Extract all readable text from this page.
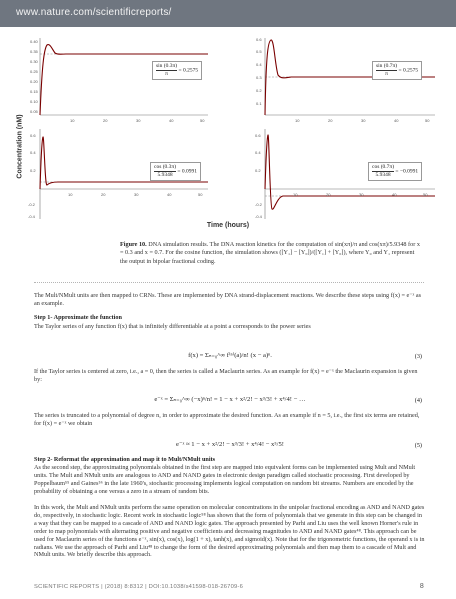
www.nature.com/scientificreports/
Concentration (nM)
0.40
0.35
0.30
0.25
0.20
0.15
0.10
0.05
10	20	30	40	50
$\frac{\sin (0.3\pi)}{\pi} = 0.2575$
0.6
0.5
0.4
0.3
0.2
0.1
10	20	30	40	50
$\frac{\sin (0.7\pi)}{\pi} = 0.2575$
0.6
0.4
0.2
-0.2
-0.4
10	20	30	40	50
$\frac{\cos (0.3\pi)}{5.9348} = 0.0991$
0.6
0.4
0.2
-0.2
-0.4
10	20	30	40	50
$\frac{\cos (0.7\pi)}{5.9348} = -0.0991$
Time (hours)
Figure 10. DNA simulation results. The DNA reaction kinetics for the computation of sin(xπ)/π and cos(xπ)/5.9348 for x = 0.3 and x = 0.7. For the cosine function, the simulation shows ([Y₁] − [Y₀])/([Y₁] + [Y₀]), where Y₀ and Y₁ represent the output in bipolar fractional coding.
The Mult/NMult units are then mapped to CRNs. These are implemented by DNA strand-displacement reactions. We describe these steps using f(x) = e⁻ˣ as an example.
Step 1- Approximate the function
The Taylor series of any function f(x) that is infinitely differentiable at a point a corresponds to the power series
f(x) = Σₙ₌₀^∞ f⁽ⁿ⁾(a)/n! (x − a)ⁿ.	(3)
If the Taylor series is centered at zero, i.e., a = 0, then the series is called a Maclaurin series. As an example for f(x) = e⁻ˣ the Maclaurin expansion is given by:
e⁻ˣ = Σₙ₌₀^∞ (−x)ⁿ/n! = 1 − x + x²/2! − x³/3! + x⁴/4! − …	(4)
The series is truncated to a polynomial of degree n, in order to approximate the desired function. As an example if n = 5, i.e., the first six terms are retained, for f(x) = e⁻ˣ we obtain
e⁻ˣ ≈ 1 − x + x²/2! − x³/3! + x⁴/4! − x⁵/5!	(5)
Step 2- Reformat the approximation and map it to Mult/NMult units
As the second step, the approximating polynomials obtained in the first step are mapped into equivalent forms can be implemented using Mult and NMult units. The Mult and NMult units are analogous to AND and NAND gates in electronic design paradigm called stochastic processing. First developed by Poppelbaum⁵⁵ and Gaines⁵⁶ in the late 1960's, stochastic processing implements logical computation on random bit streams. Numbers are encoded by the probability of obtaining a one versus a zero in a stream of random bits.
In this work, the Mult and NMult units perform the same operation on molecular concentrations in the unipolar fractional encoding as AND and NAND gates do, respectively, in stochastic logic. Recent work in stochastic logic⁵⁸ has shown that the form of polynomials that we generate in this step can be changed in a way that they can be mapped to a cascade of AND and NAND logic gates. The approach presented by Parhi and Liu uses the well known Horner's rule in order to map polynomials with alternating positive and negative coefficients and decreasing magnitudes to AND and NAND gates⁴⁸. This approach can be used for Maclaurin series of the functions e⁻ˣ, sin(x), cos(x), log(1 + x), tanh(x), and sigmoid(x). Note that for the trigonometric functions, the operand x is in radians. We use the approach of Parhi and Liu⁴⁸ to change the form of the desired approximating polynomials and then map them to a cascade of Mult and NMult units. We briefly describe this approach.
SCIENTIFIC REPORTS | (2018) 8:8312 | DOI:10.1038/s41598-018-26709-6	8
